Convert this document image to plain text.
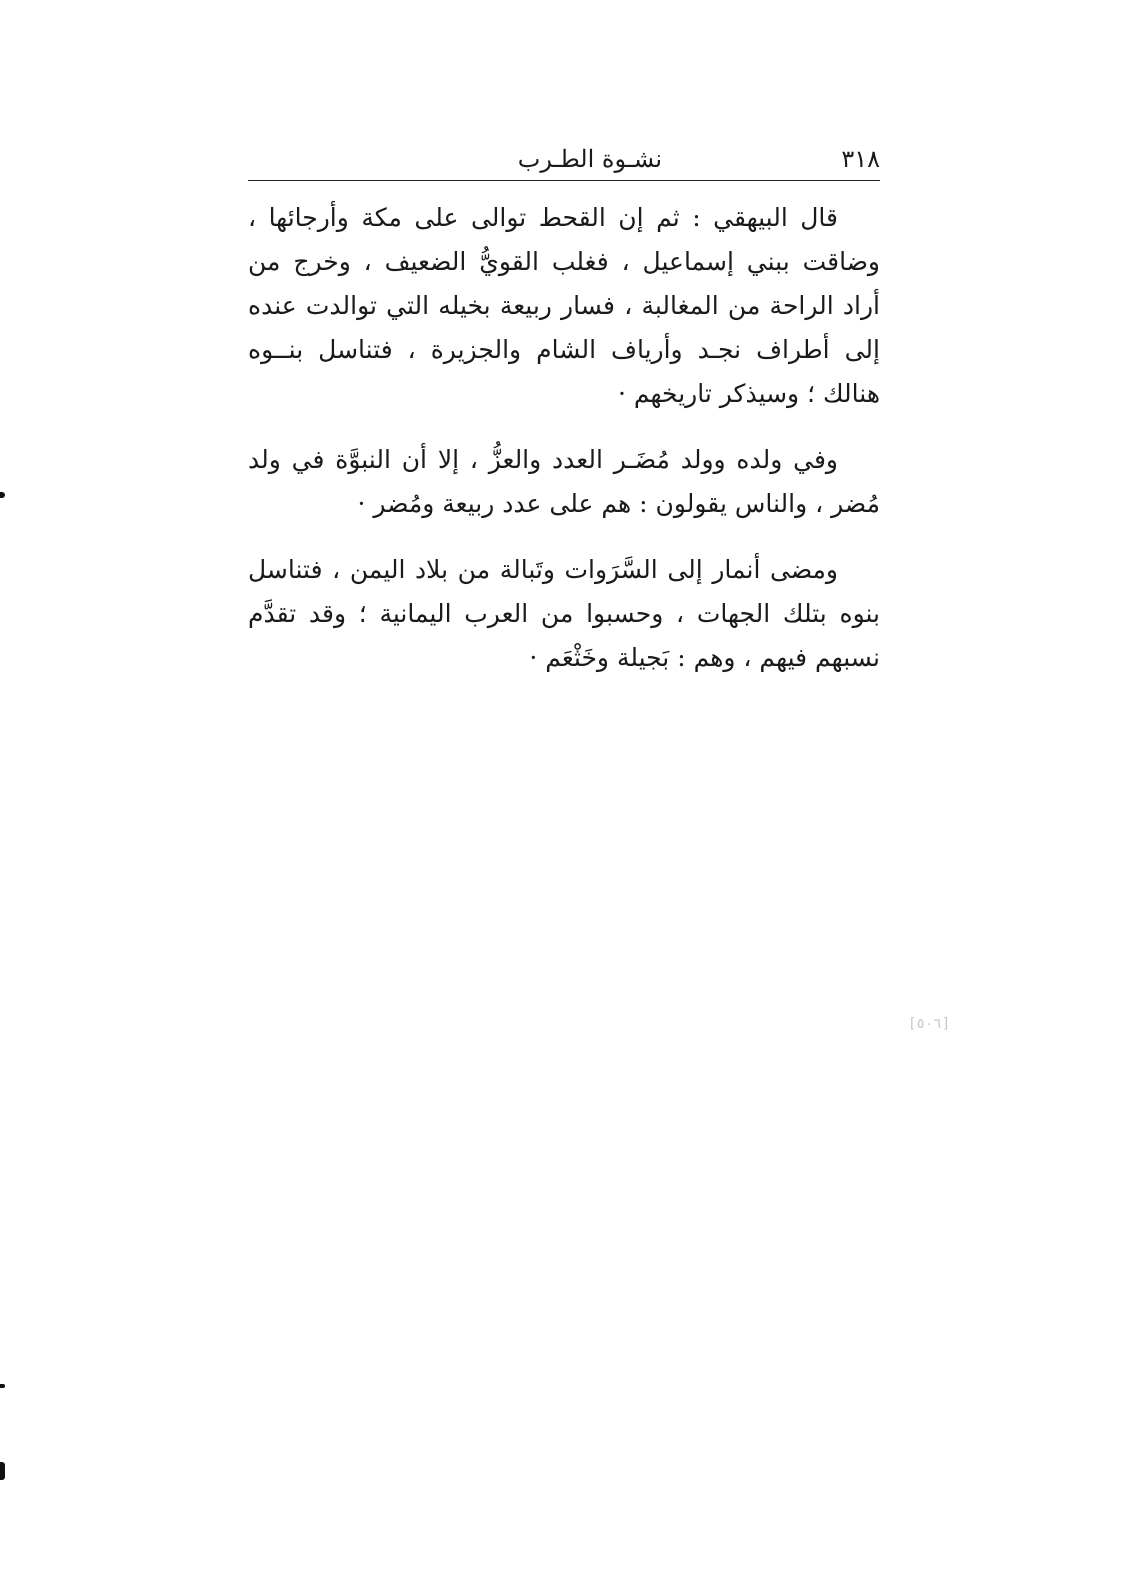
٣١٨
نشـوة الطـرب

قال البيهقي : ثم إن القحط توالى على مكة وأرجائها ، وضاقت ببني إسماعيل ، فغلب القويُّ الضعيف ، وخرج من أراد الراحة من المغالبة ، فسار ربيعة بخيله التي توالدت عنده إلى أطراف نجـد وأرياف الشام والجزيرة ، فتناسل بنــوه هنالك ؛ وسيذكر تاريخهم ·

وفي ولده وولد مُضَـر العدد والعزُّ ، إلا أن النبوَّة في ولد مُضر ، والناس يقولون : هم على عدد ربيعة ومُضر ·

ومضى أنمار إلى السَّرَوات وتَبالة من بلاد اليمن ، فتناسل بنوه بتلك الجهات ، وحسبوا من العرب اليمانية ؛ وقد تقدَّم نسبهم فيهم ، وهم : بَجيلة وخَثْعَم ·

[٥٠٦]
